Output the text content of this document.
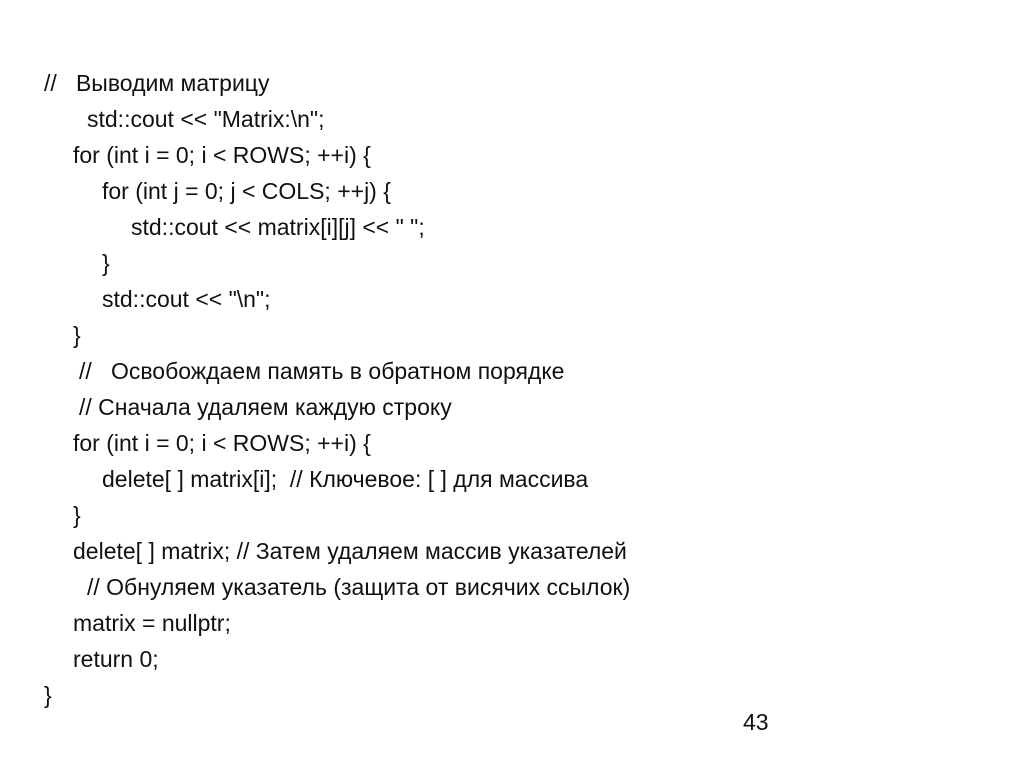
//   Выводим матрицу

std::cout << "Matrix:\n";

for (int i = 0; i < ROWS; ++i) {

for (int j = 0; j < COLS; ++j) {

std::cout << matrix[i][j] << " ";

}

std::cout << "\n";

}

//   Освобождаем память в обратном порядке

// Сначала удаляем каждую строку

for (int i = 0; i < ROWS; ++i) {

delete[ ] matrix[i];  // Ключевое: [ ] для массива

}

delete[ ] matrix; // Затем удаляем массив указателей

// Обнуляем указатель (защита от висячих ссылок)

matrix = nullptr;

return 0;

}

43
